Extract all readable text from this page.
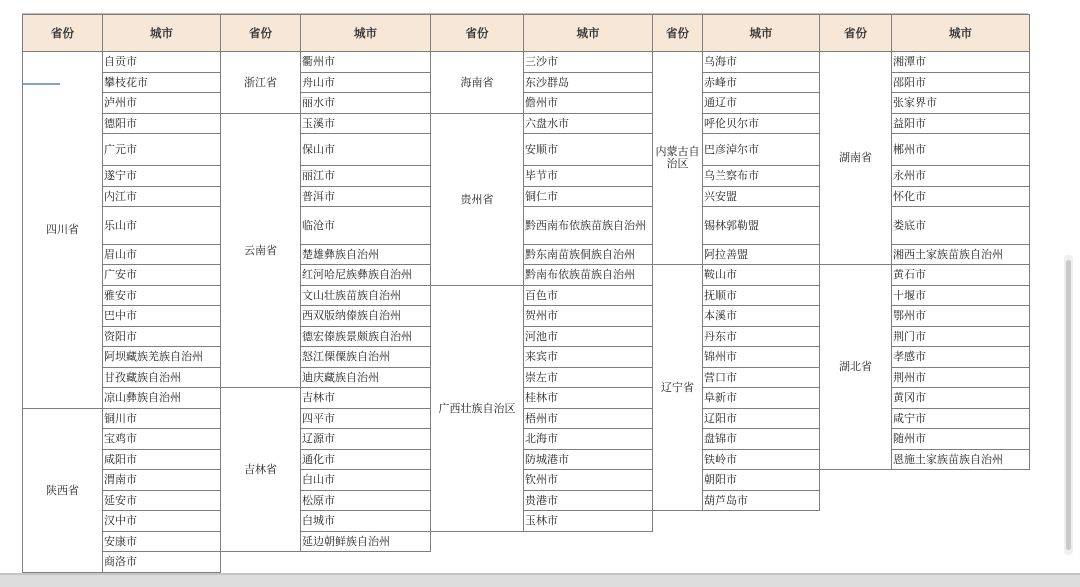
省份	城市
四川省	自贡市
	攀枝花市
	泸州市
	德阳市
	广元市
	遂宁市
	内江市
	乐山市
	眉山市
	广安市
	雅安市
	巴中市
	资阳市
	阿坝藏族羌族自治州
	甘孜藏族自治州
	凉山彝族自治州
陕西省	铜川市
	宝鸡市
	咸阳市
	渭南市
	延安市
	汉中市
	安康市
	商洛市
省份	城市
浙江省	衢州市
	舟山市
	丽水市
云南省	玉溪市
	保山市
	丽江市
	普洱市
	临沧市
	楚雄彝族自治州
	红河哈尼族彝族自治州
	文山壮族苗族自治州
	西双版纳傣族自治州
	德宏傣族景颇族自治州
	怒江傈僳族自治州
	迪庆藏族自治州
吉林省	吉林市
	四平市
	辽源市
	通化市
	白山市
	松原市
	白城市
	延边朝鲜族自治州
省份	城市
海南省	三沙市
	东沙群岛
	儋州市
贵州省	六盘水市
	安顺市
	毕节市
	铜仁市
	黔西南布依族苗族自治州
	黔东南苗族侗族自治州
	黔南布依族苗族自治州
广西壮族自治区	百色市
	贺州市
	河池市
	来宾市
	崇左市
	桂林市
	梧州市
	北海市
	防城港市
	钦州市
	贵港市
	玉林市
省份	城市
内蒙古自治区	乌海市
	赤峰市
	通辽市
	呼伦贝尔市
	巴彦淖尔市
	乌兰察布市
	兴安盟
	锡林郭勒盟
	阿拉善盟
辽宁省	鞍山市
	抚顺市
	本溪市
	丹东市
	锦州市
	营口市
	阜新市
	辽阳市
	盘锦市
	铁岭市
	朝阳市
	葫芦岛市
省份	城市
湖南省	湘潭市
	邵阳市
	张家界市
	益阳市
	郴州市
	永州市
	怀化市
	娄底市
	湘西土家族苗族自治州
湖北省	黄石市
	十堰市
	鄂州市
	荆门市
	孝感市
	荆州市
	黄冈市
	咸宁市
	随州市
	恩施土家族苗族自治州
